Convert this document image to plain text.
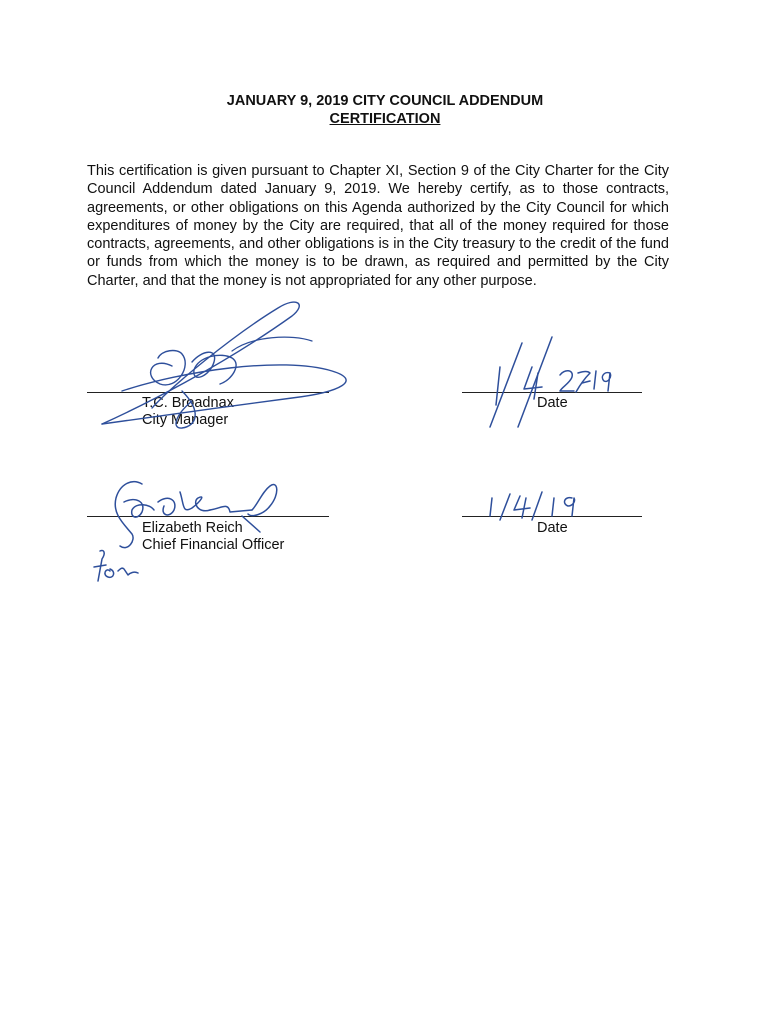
JANUARY 9, 2019 CITY COUNCIL ADDENDUM
CERTIFICATION

This certification is given pursuant to Chapter XI, Section 9 of the City Charter for the City Council Addendum dated January 9, 2019. We hereby certify, as to those contracts, agreements, or other obligations on this Agenda authorized by the City Council for which expenditures of money by the City are required, that all of the money required for those contracts, agreements, and other obligations is in the City treasury to the credit of the fund or funds from which the money is to be drawn, as required and permitted by the City Charter, and that the money is not appropriated for any other purpose.

T.C. Broadnax
City Manager
Date
Elizabeth Reich
Chief Financial Officer
Date
